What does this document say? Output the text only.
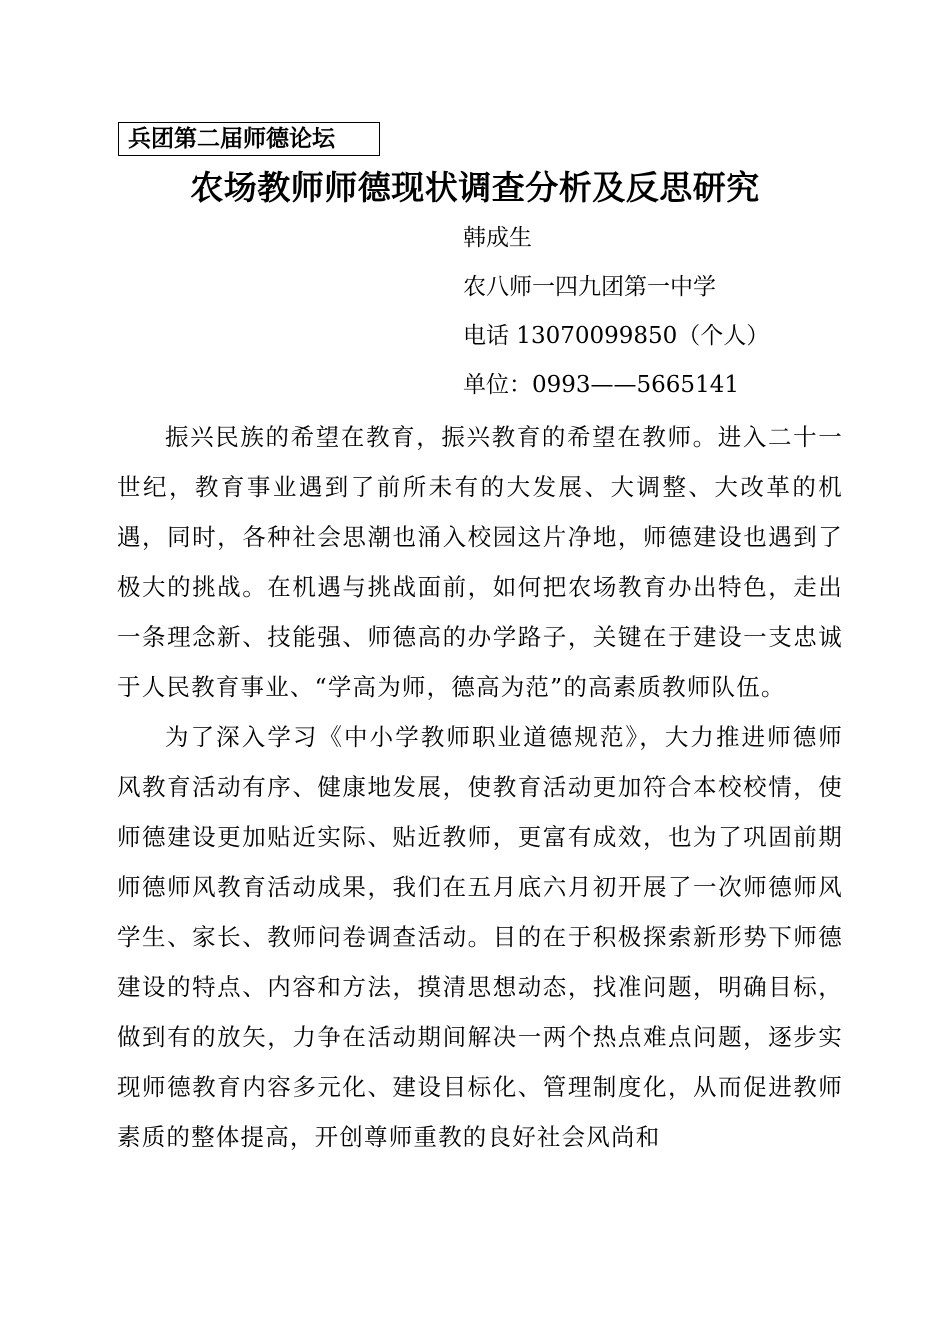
兵团第二届师德论坛
农场教师师德现状调查分析及反思研究
韩成生
农八师一四九团第一中学
电话 13070099850（个人）
单位：0993——5665141

振兴民族的希望在教育，振兴教育的希望在教师。进入二十一世纪，教育事业遇到了前所未有的大发展、大调整、大改革的机遇，同时，各种社会思潮也涌入校园这片净地，师德建设也遇到了极大的挑战。在机遇与挑战面前，如何把农场教育办出特色，走出一条理念新、技能强、师德高的办学路子，关键在于建设一支忠诚于人民教育事业、“学高为师，德高为范”的高素质教师队伍。

为了深入学习《中小学教师职业道德规范》，大力推进师德师风教育活动有序、健康地发展，使教育活动更加符合本校校情，使师德建设更加贴近实际、贴近教师，更富有成效，也为了巩固前期师德师风教育活动成果，我们在五月底六月初开展了一次师德师风学生、家长、教师问卷调查活动。目的在于积极探索新形势下师德建设的特点、内容和方法，摸清思想动态，找准问题，明确目标，做到有的放矢，力争在活动期间解决一两个热点难点问题，逐步实现师德教育内容多元化、建设目标化、管理制度化，从而促进教师素质的整体提高，开创尊师重教的良好社会风尚和
